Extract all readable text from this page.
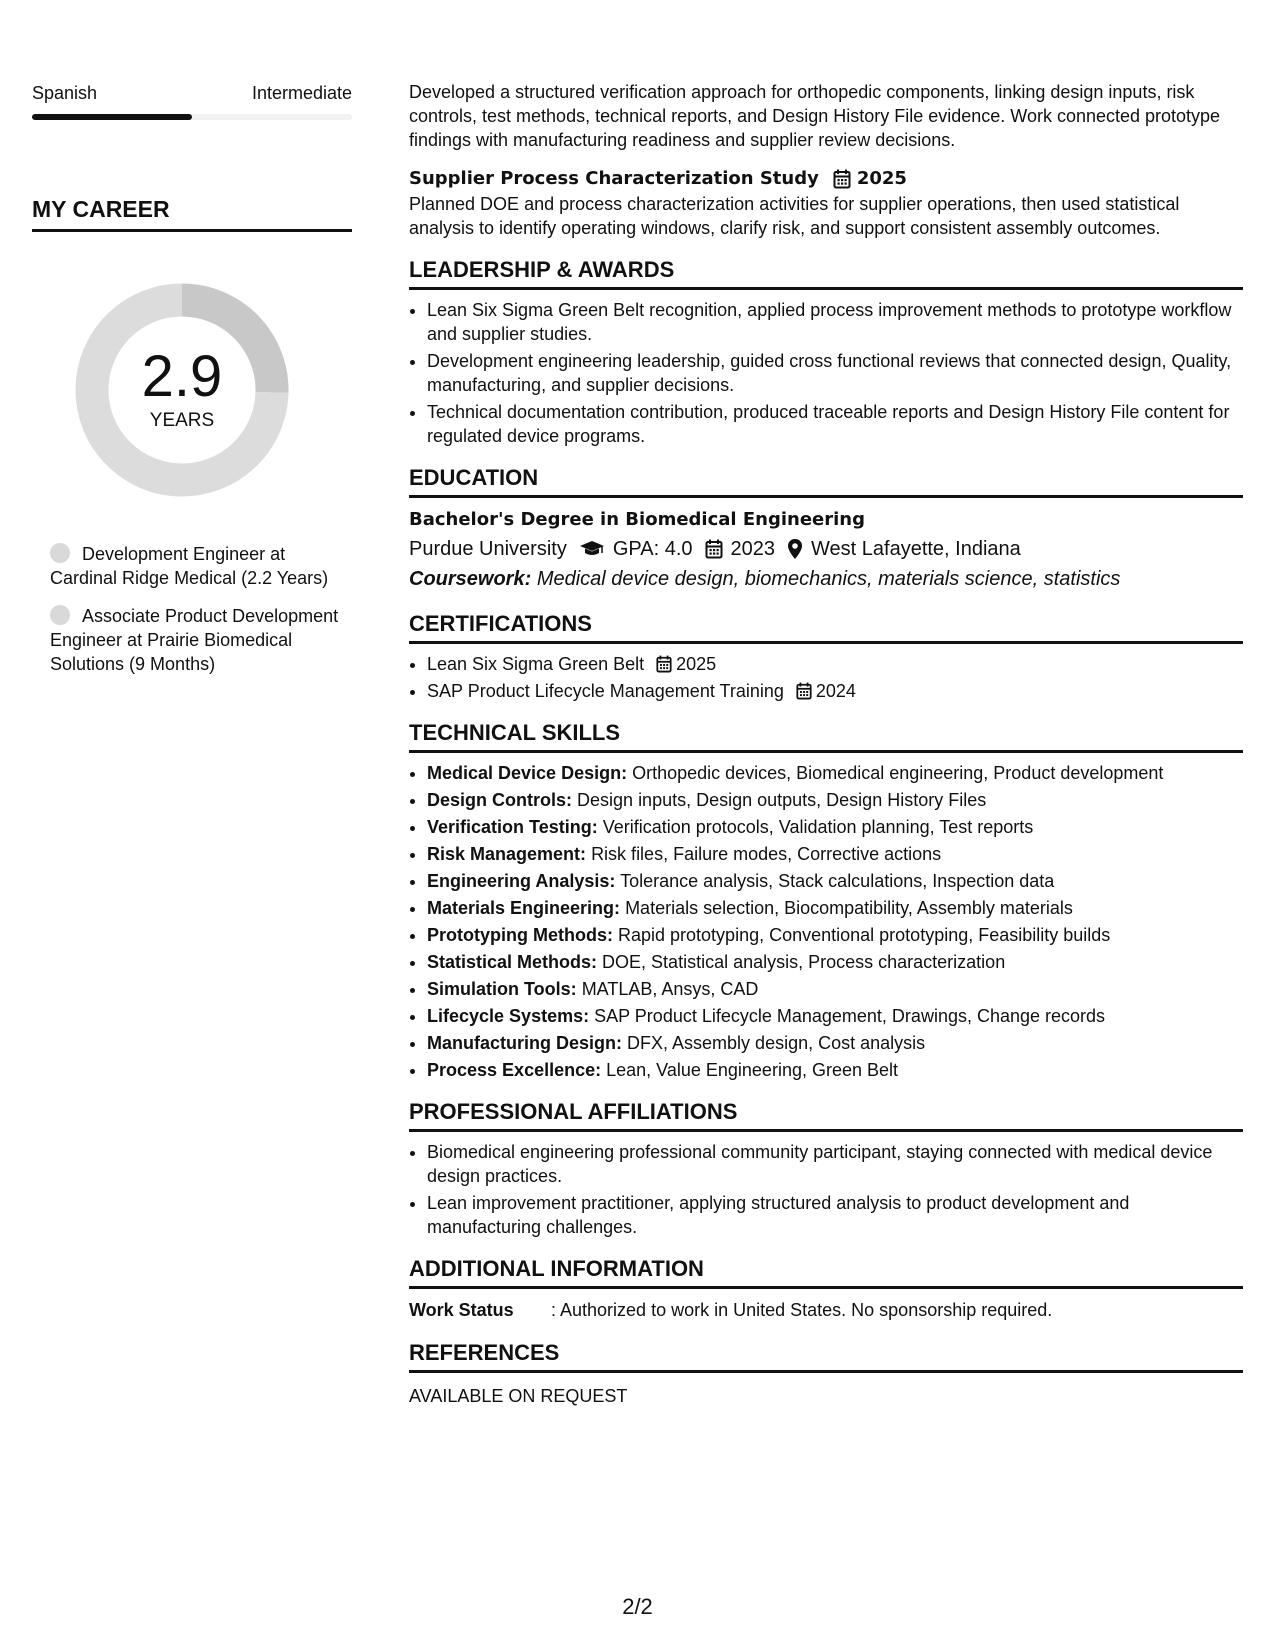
Spanish	Intermediate
MY CAREER
2.9
YEARS
Development Engineer at Cardinal Ridge Medical (2.2 Years)
Associate Product Development Engineer at Prairie Biomedical Solutions (9 Months)

Developed a structured verification approach for orthopedic components, linking design inputs, risk controls, test methods, technical reports, and Design History File evidence. Work connected prototype findings with manufacturing readiness and supplier review decisions.

Supplier Process Characterization Study 2025

Planned DOE and process characterization activities for supplier operations, then used statistical analysis to identify operating windows, clarify risk, and support consistent assembly outcomes.

LEADERSHIP & AWARDS
• Lean Six Sigma Green Belt recognition, applied process improvement methods to prototype workflow and supplier studies.
• Development engineering leadership, guided cross functional reviews that connected design, Quality, manufacturing, and supplier decisions.
• Technical documentation contribution, produced traceable reports and Design History File content for regulated device programs.
EDUCATION
Bachelor's Degree in Biomedical Engineering
Purdue University GPA: 4.0 2023 West Lafayette, Indiana
Coursework: Medical device design, biomechanics, materials science, statistics
CERTIFICATIONS
• Lean Six Sigma Green Belt 2025
• SAP Product Lifecycle Management Training 2024
TECHNICAL SKILLS
• Medical Device Design: Orthopedic devices, Biomedical engineering, Product development
• Design Controls: Design inputs, Design outputs, Design History Files
• Verification Testing: Verification protocols, Validation planning, Test reports
• Risk Management: Risk files, Failure modes, Corrective actions
• Engineering Analysis: Tolerance analysis, Stack calculations, Inspection data
• Materials Engineering: Materials selection, Biocompatibility, Assembly materials
• Prototyping Methods: Rapid prototyping, Conventional prototyping, Feasibility builds
• Statistical Methods: DOE, Statistical analysis, Process characterization
• Simulation Tools: MATLAB, Ansys, CAD
• Lifecycle Systems: SAP Product Lifecycle Management, Drawings, Change records
• Manufacturing Design: DFX, Assembly design, Cost analysis
• Process Excellence: Lean, Value Engineering, Green Belt
PROFESSIONAL AFFILIATIONS
• Biomedical engineering professional community participant, staying connected with medical device design practices.
• Lean improvement practitioner, applying structured analysis to product development and manufacturing challenges.
ADDITIONAL INFORMATION
Work Status	: Authorized to work in United States. No sponsorship required.
REFERENCES
AVAILABLE ON REQUEST
2/2
